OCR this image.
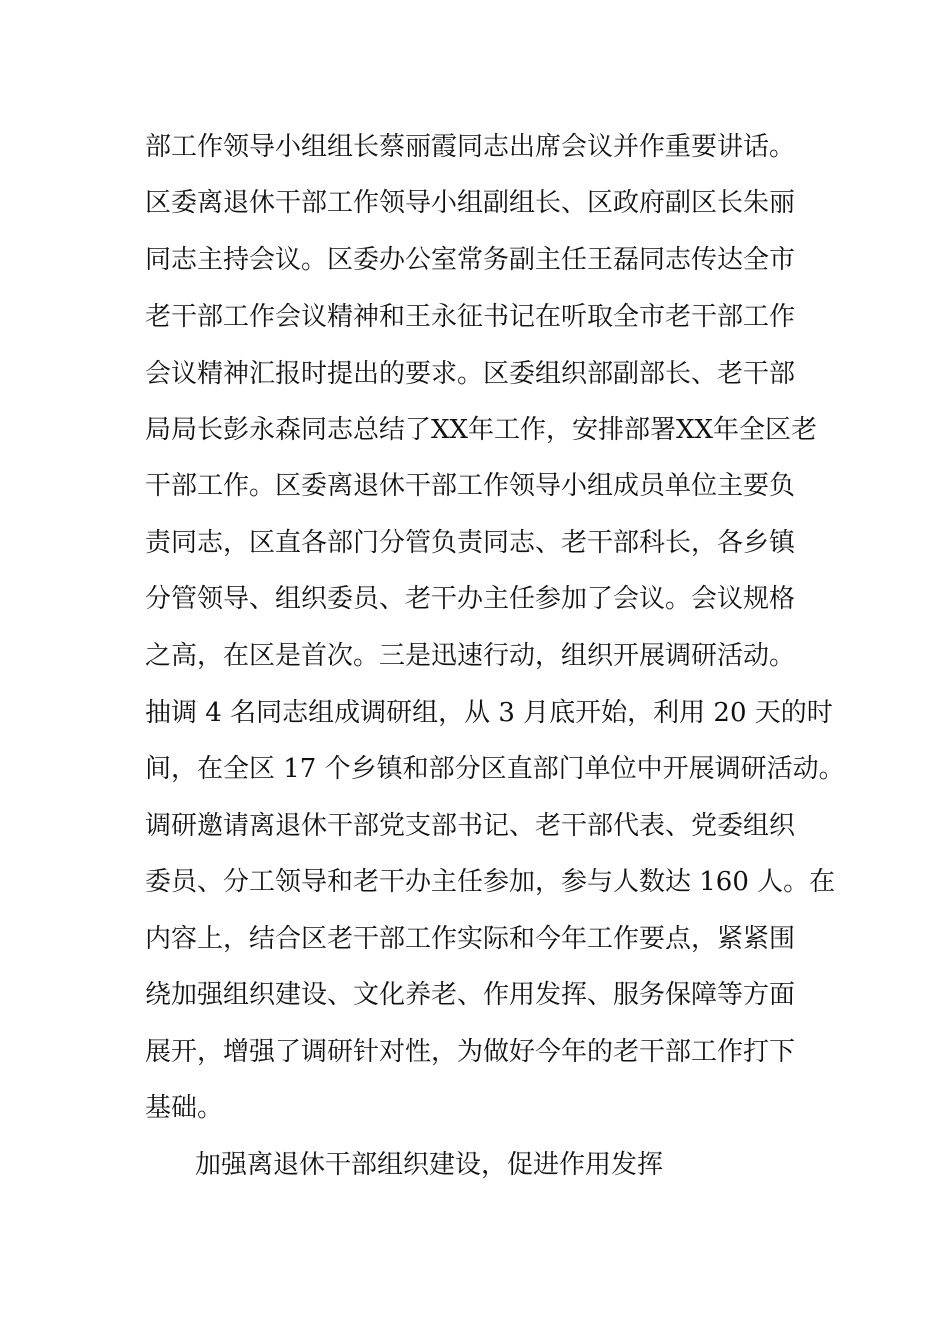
部工作领导小组组长蔡丽霞同志出席会议并作重要讲话。
区委离退休干部工作领导小组副组长、区政府副区长朱丽
同志主持会议。区委办公室常务副主任王磊同志传达全市
老干部工作会议精神和王永征书记在听取全市老干部工作
会议精神汇报时提出的要求。区委组织部副部长、老干部
局局长彭永森同志总结了XX年工作，安排部署XX年全区老
干部工作。区委离退休干部工作领导小组成员单位主要负
责同志，区直各部门分管负责同志、老干部科长，各乡镇
分管领导、组织委员、老干办主任参加了会议。会议规格
之高，在区是首次。三是迅速行动，组织开展调研活动。
抽调 4 名同志组成调研组，从 3 月底开始，利用 20 天的时
间，在全区 17 个乡镇和部分区直部门单位中开展调研活动。
调研邀请离退休干部党支部书记、老干部代表、党委组织
委员、分工领导和老干办主任参加，参与人数达 160 人。在
内容上，结合区老干部工作实际和今年工作要点，紧紧围
绕加强组织建设、文化养老、作用发挥、服务保障等方面
展开，增强了调研针对性，为做好今年的老干部工作打下
基础。
加强离退休干部组织建设，促进作用发挥
